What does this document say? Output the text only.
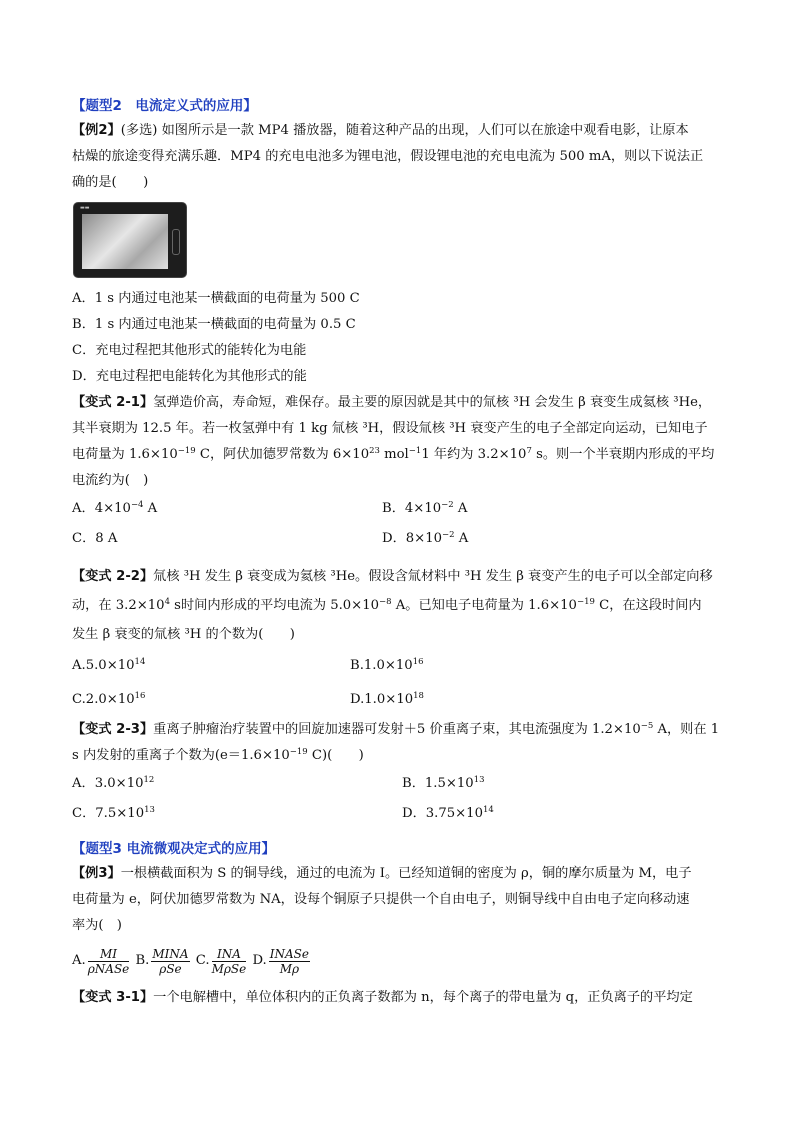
【题型2　电流定义式的应用】
【例2】(多选) 如图所示是一款 MP4 播放器，随着这种产品的出现，人们可以在旅途中观看电影，让原本
枯燥的旅途变得充满乐趣．MP4 的充电电池多为锂电池，假设锂电池的充电电流为 500 mA，则以下说法正
确的是(　　)
▬▬
A．1 s 内通过电池某一横截面的电荷量为 500 C
B．1 s 内通过电池某一横截面的电荷量为 0.5 C
C．充电过程把其他形式的能转化为电能
D．充电过程把电能转化为其他形式的能
【变式 2-1】氢弹造价高，寿命短，难保存。最主要的原因就是其中的氚核 ³H 会发生 β 衰变生成氦核 ³He，
其半衰期为 12.5 年。若一枚氢弹中有 1 kg 氚核 ³H，假设氚核 ³H 衰变产生的电子全部定向运动，已知电子
电荷量为 $1.6\times 10^{-19}$ C，阿伏加德罗常数为 $6\times 10^{23}$ mol$^{-1}$1 年约为 $3.2\times 10^7$ s。则一个半衰期内形成的平均
电流约为(　)
A．$4\times 10^{-4}$ A	B．$4\times 10^{-2}$ A
C．8 A	D．$8\times 10^{-2}$ A
【变式 2-2】氚核 ³H 发生 β 衰变成为氦核 ³He。假设含氚材料中 ³H 发生 β 衰变产生的电子可以全部定向移
动，在 $3.2\times 10^4$ s时间内形成的平均电流为 $5.0\times 10^{-8}$ A。已知电子电荷量为 $1.6\times 10^{-19}$ C，在这段时间内
发生 β 衰变的氚核 ³H 的个数为(　　)
$A.5.0\times 10^{14}$	$B.1.0\times 10^{16}$
$C.2.0\times 10^{16}$	$D.1.0\times 10^{18}$
【变式 2-3】重离子肿瘤治疗装置中的回旋加速器可发射＋5 价重离子束，其电流强度为 $1.2\times 10^{-5}$ A，则在 1
s 内发射的重离子个数为($e=1.6\times 10^{-19}$ C)(　　)
A．$3.0\times 10^{12}$	B．$1.5\times 10^{13}$
C．$7.5\times 10^{13}$	D．$3.75\times 10^{14}$
【题型3 电流微观决定式的应用】
【例3】一根横截面积为 S 的铜导线，通过的电流为 I。已经知道铜的密度为 ρ，铜的摩尔质量为 M，电子
电荷量为 e，阿伏加德罗常数为 NA，设每个铜原子只提供一个自由电子，则铜导线中自由电子定向移动速
率为(　)
A. $\frac{MI}{\text{ρNASe}} B$. $\frac{\text{MINA}}{\text{ρSe}} C$. $\frac{\text{INA}}{\text{MρSe}} D$. $\frac{\text{INASe}}{M\rho}$
【变式 3-1】一个电解槽中，单位体积内的正负离子数都为 n，每个离子的带电量为 q，正负离子的平均定
